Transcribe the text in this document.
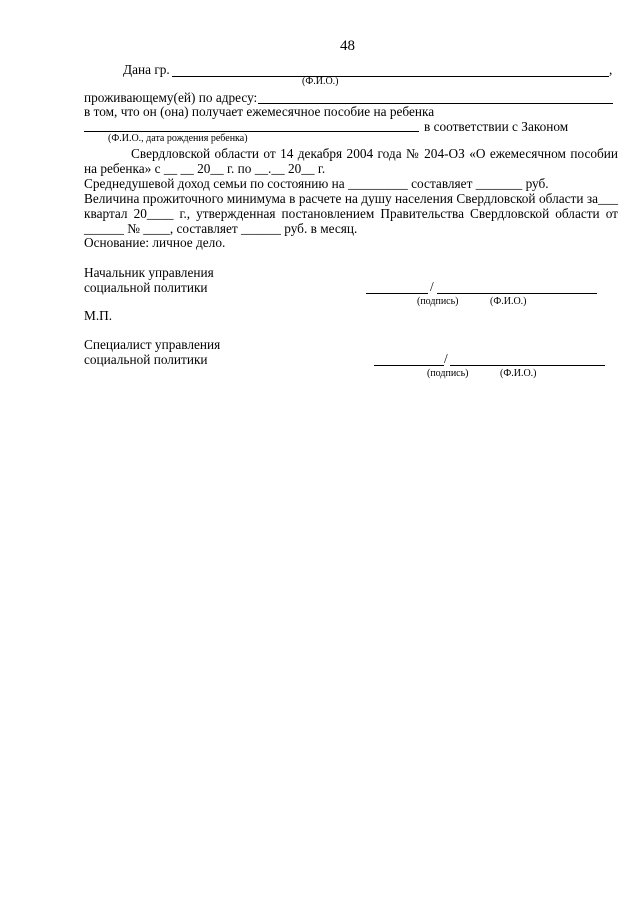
48
Дана гр.	,
(Ф.И.О.)
проживающему(ей) по адресу:
в том, что он (она) получает ежемесячное пособие на ребенка
в соответствии с Законом
(Ф.И.О., дата рождения ребенка)
Свердловской области от 14 декабря 2004 года № 204-ОЗ «О ежемесячном пособии
на ребенка» с __ __ 20__ г. по __.__ 20__ г.
Среднедушевой доход семьи по состоянию на _________ составляет _______ руб.
Величина прожиточного минимума в расчете на душу населения Свердловской области за___
квартал 20____ г., утвержденная постановлением Правительства Свердловской области от
______ № ____, составляет ______ руб. в месяц.
Основание: личное дело.
Начальник управления
социальной политики	/
(подпись)	(Ф.И.О.)
М.П.
Специалист управления
социальной политики	/
(подпись)	(Ф.И.О.)
